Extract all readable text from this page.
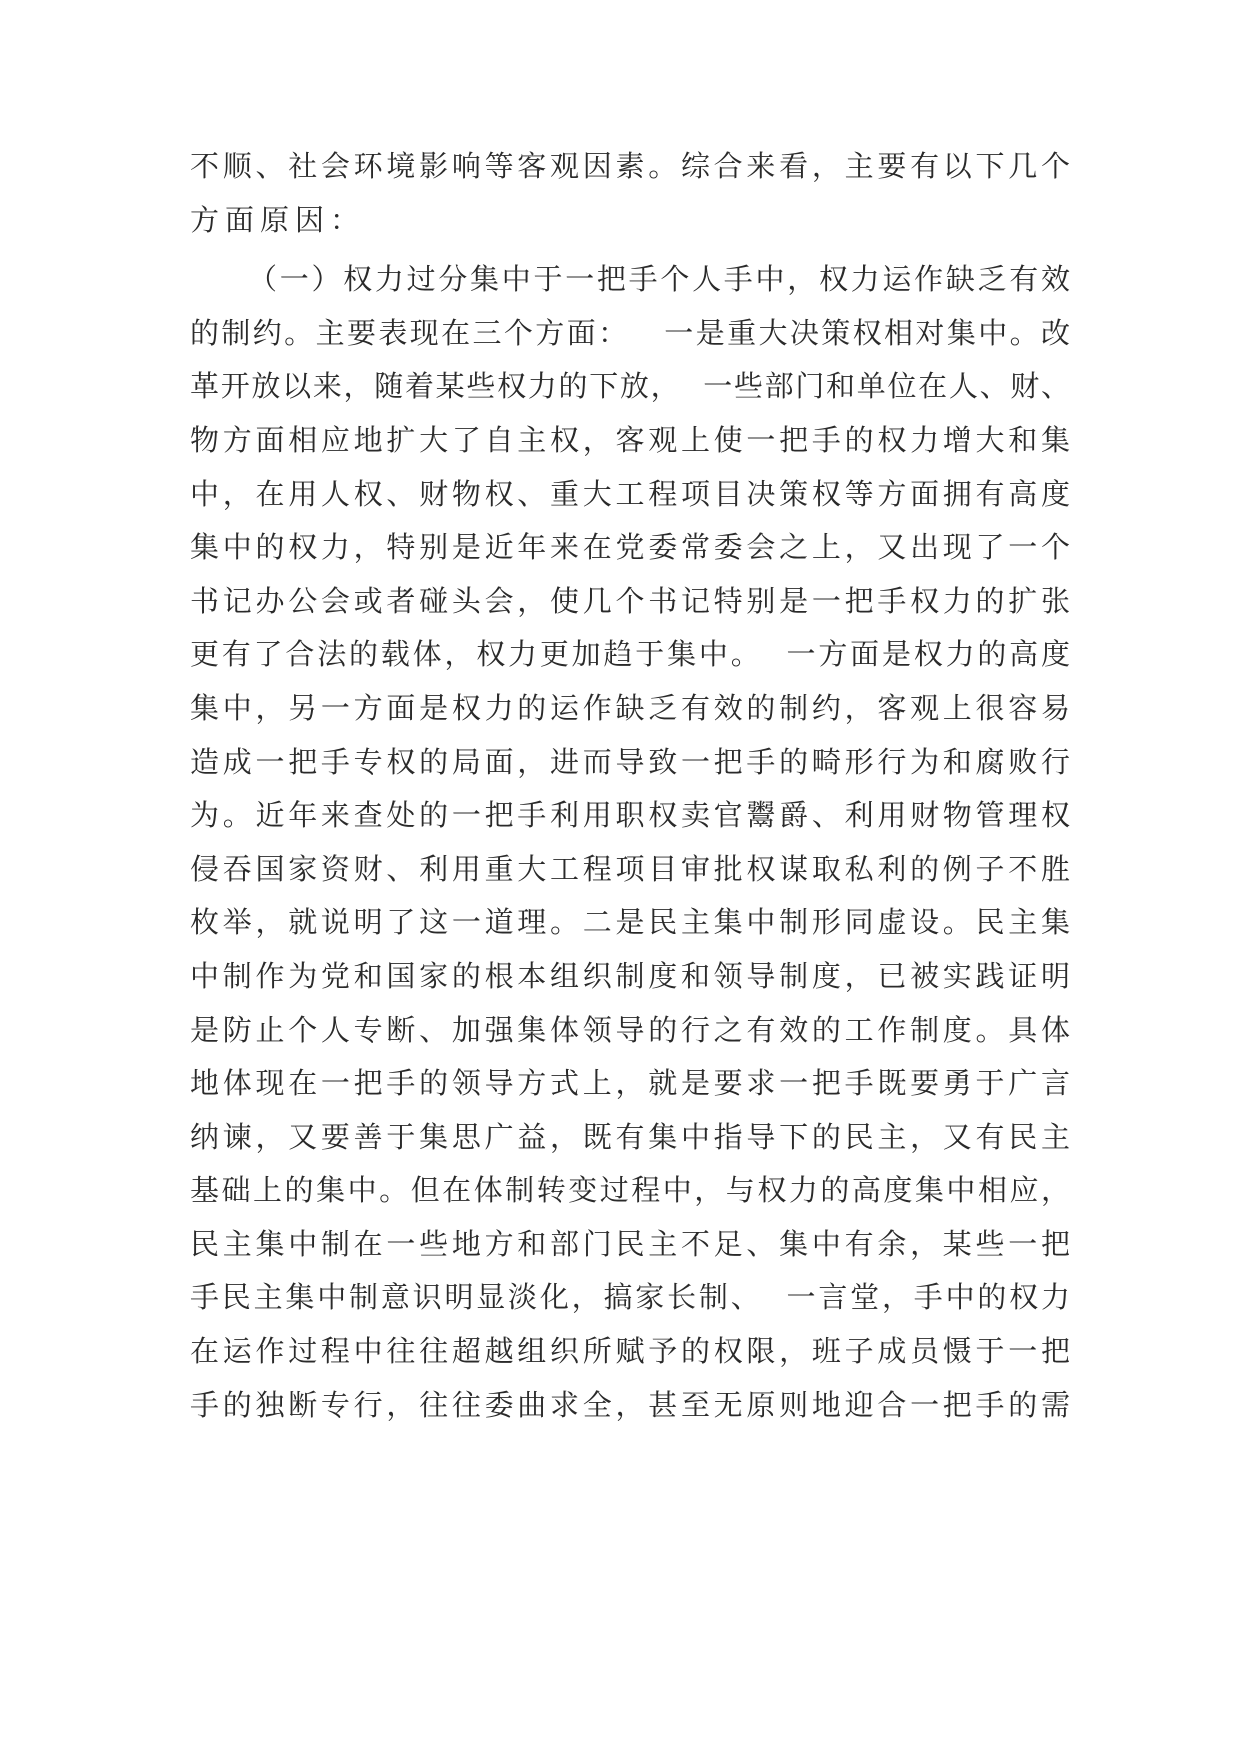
不顺、社会环境影响等客观因素。综合来看，主要有以下几个
方面原因：
（一）权力过分集中于一把手个人手中，权力运作缺乏有效
的制约。主要表现在三个方面：   一是重大决策权相对集中。改
革开放以来，随着某些权力的下放，  一些部门和单位在人、财、
物方面相应地扩大了自主权，客观上使一把手的权力增大和集
中，在用人权、财物权、重大工程项目决策权等方面拥有高度
集中的权力，特别是近年来在党委常委会之上，又出现了一个
书记办公会或者碰头会，使几个书记特别是一把手权力的扩张
更有了合法的载体，权力更加趋于集中。  一方面是权力的高度
集中，另一方面是权力的运作缺乏有效的制约，客观上很容易
造成一把手专权的局面，进而导致一把手的畸形行为和腐败行
为。近年来查处的一把手利用职权卖官鬻爵、利用财物管理权
侵吞国家资财、利用重大工程项目审批权谋取私利的例子不胜
枚举，就说明了这一道理。二是民主集中制形同虚设。民主集
中制作为党和国家的根本组织制度和领导制度，已被实践证明
是防止个人专断、加强集体领导的行之有效的工作制度。具体
地体现在一把手的领导方式上，就是要求一把手既要勇于广言
纳谏，又要善于集思广益，既有集中指导下的民主，又有民主
基础上的集中。但在体制转变过程中，与权力的高度集中相应，
民主集中制在一些地方和部门民主不足、集中有余，某些一把
手民主集中制意识明显淡化，搞家长制、  一言堂，手中的权力
在运作过程中往往超越组织所赋予的权限，班子成员慑于一把
手的独断专行，往往委曲求全，甚至无原则地迎合一把手的需
